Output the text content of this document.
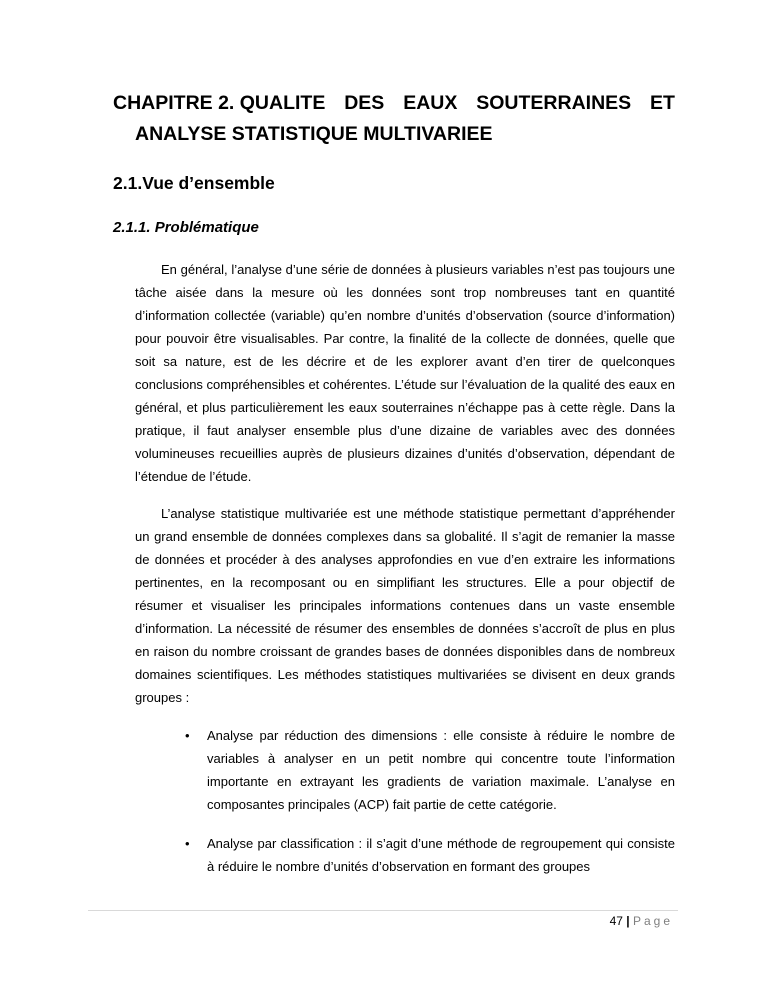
CHAPITRE 2. QUALITE DES EAUX SOUTERRAINES ET
ANALYSE STATISTIQUE MULTIVARIEE
2.1.Vue d’ensemble
2.1.1. Problématique

En général, l’analyse d’une série de données à plusieurs variables n’est pas toujours une tâche aisée dans la mesure où les données sont trop nombreuses tant en quantité d’information collectée (variable) qu’en nombre d’unités d’observation (source d’information) pour pouvoir être visualisables. Par contre, la finalité de la collecte de données, quelle que soit sa nature, est de les décrire et de les explorer avant d’en tirer de quelconques conclusions compréhensibles et cohérentes. L’étude sur l’évaluation de la qualité des eaux en général, et plus particulièrement les eaux souterraines n’échappe pas à cette règle. Dans la pratique, il faut analyser ensemble plus d’une dizaine de variables avec des données volumineuses recueillies auprès de plusieurs dizaines d’unités d’observation, dépendant de l’étendue de l’étude.

L’analyse statistique multivariée est une méthode statistique permettant d’appréhender un grand ensemble de données complexes dans sa globalité. Il s’agit de remanier la masse de données et procéder à des analyses approfondies en vue d’en extraire les informations pertinentes, en la recomposant ou en simplifiant les structures. Elle a pour objectif de résumer et visualiser les principales informations contenues dans un vaste ensemble d’information. La nécessité de résumer des ensembles de données s’accroît de plus en plus en raison du nombre croissant de grandes bases de données disponibles dans de nombreux domaines scientifiques. Les méthodes statistiques multivariées se divisent en deux grands groupes :

• Analyse par réduction des dimensions : elle consiste à réduire le nombre de variables à analyser en un petit nombre qui concentre toute l’information importante en extrayant les gradients de variation maximale. L’analyse en composantes principales (ACP) fait partie de cette catégorie.
• Analyse par classification : il s’agit d’une méthode de regroupement qui consiste à réduire le nombre d’unités d’observation en formant des groupes
47 | Page
